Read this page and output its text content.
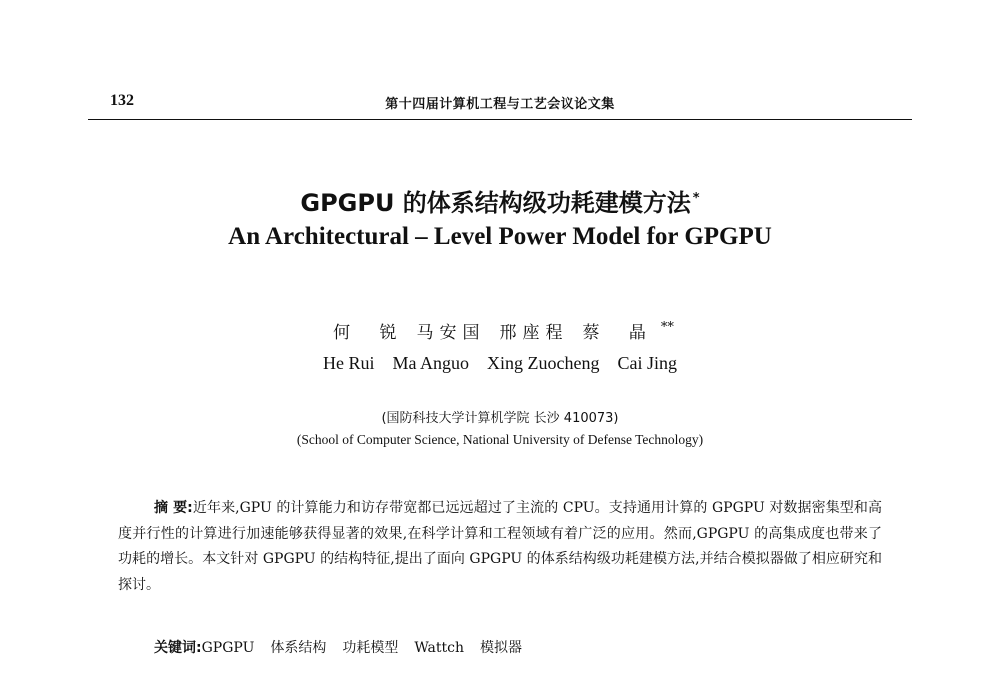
132	第十四届计算机工程与工艺会议论文集
GPGPU 的体系结构级功耗建模方法 *
An Architectural – Level Power Model for GPGPU
何 锐 马安国 邢座程 蔡 晶 **
He Rui Ma Anguo Xing Zuocheng Cai Jing
(国防科技大学计算机学院 长沙 410073)
(School of Computer Science, National University of Defense Technology)
摘 要:近年来,GPU 的计算能力和访存带宽都已远远超过了主流的 CPU。支持通用计算的 GPGPU 对数据密集型和高度并行性的计算进行加速能够获得显著的效果,在科学计算和工程领域有着广泛的应用。然而,GPGPU 的高集成度也带来了功耗的增长。本文针对 GPGPU 的结构特征,提出了面向 GPGPU 的体系结构级功耗建模方法,并结合模拟器做了相应研究和探讨。
关键词:GPGPU 体系结构 功耗模型 Wattch 模拟器
